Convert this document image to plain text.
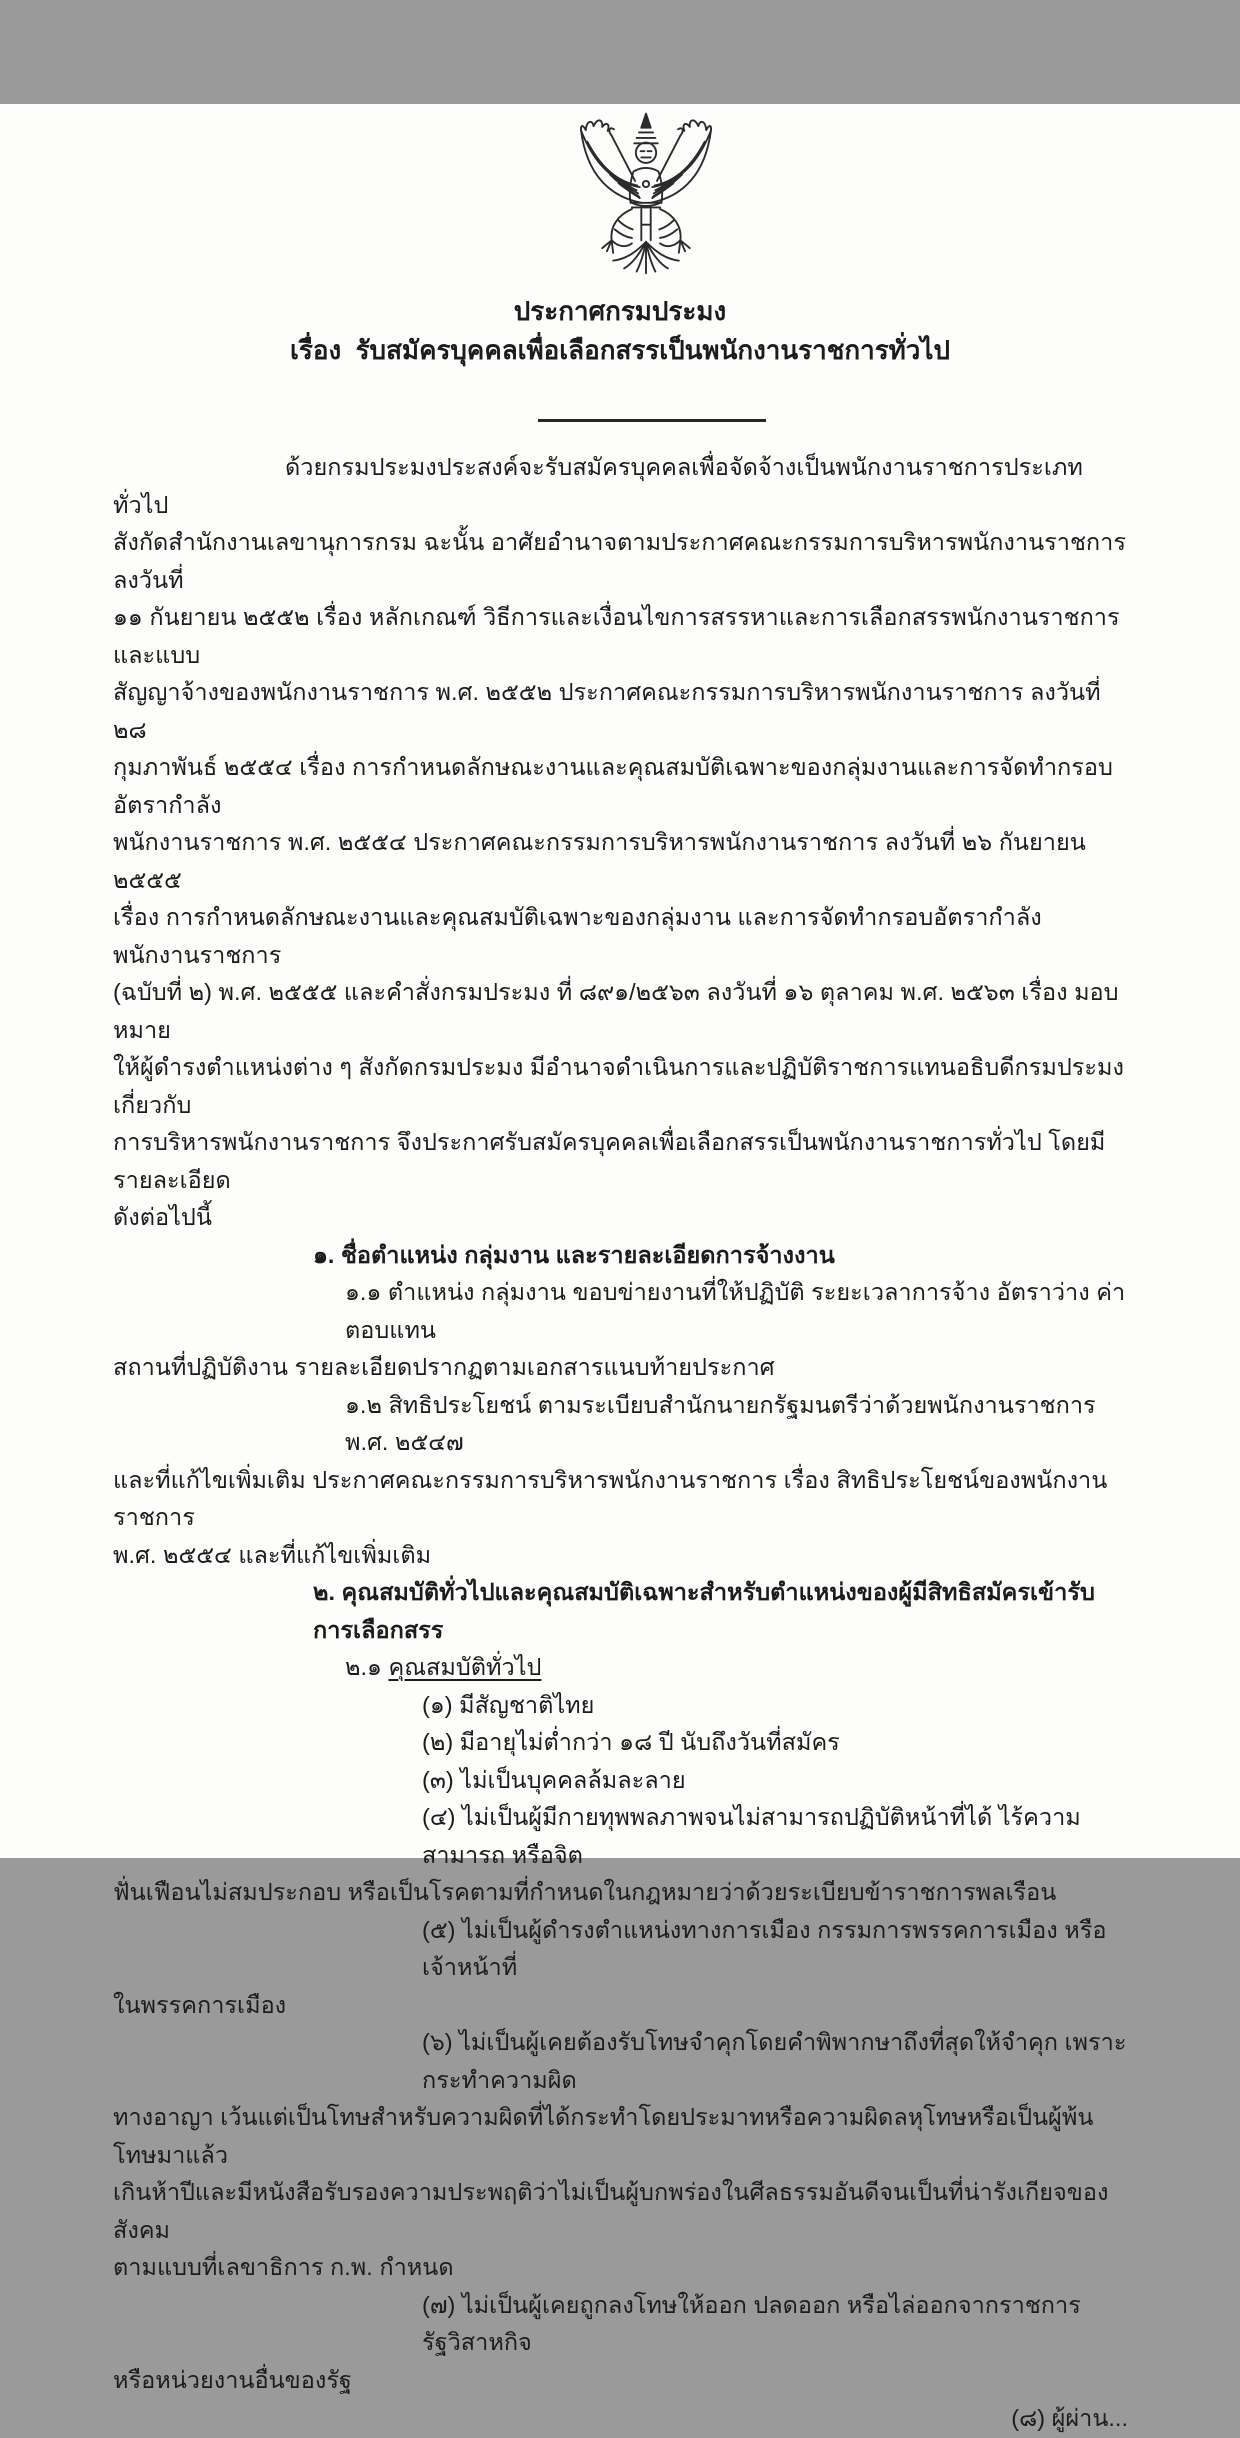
ประกาศกรมประมง
เรื่อง  รับสมัครบุคคลเพื่อเลือกสรรเป็นพนักงานราชการทั่วไป
ด้วยกรมประมงประสงค์จะรับสมัครบุคคลเพื่อจัดจ้างเป็นพนักงานราชการประเภททั่วไป
สังกัดสำนักงานเลขานุการกรม ฉะนั้น อาศัยอำนาจตามประกาศคณะกรรมการบริหารพนักงานราชการ ลงวันที่
๑๑ กันยายน ๒๕๕๒ เรื่อง หลักเกณฑ์ วิธีการและเงื่อนไขการสรรหาและการเลือกสรรพนักงานราชการ และแบบ
สัญญาจ้างของพนักงานราชการ พ.ศ. ๒๕๕๒ ประกาศคณะกรรมการบริหารพนักงานราชการ ลงวันที่ ๒๘
กุมภาพันธ์ ๒๕๕๔ เรื่อง การกำหนดลักษณะงานและคุณสมบัติเฉพาะของกลุ่มงานและการจัดทำกรอบอัตรากำลัง
พนักงานราชการ พ.ศ. ๒๕๕๔ ประกาศคณะกรรมการบริหารพนักงานราชการ ลงวันที่ ๒๖ กันยายน ๒๕๕๕
เรื่อง การกำหนดลักษณะงานและคุณสมบัติเฉพาะของกลุ่มงาน และการจัดทำกรอบอัตรากำลังพนักงานราชการ
(ฉบับที่ ๒) พ.ศ. ๒๕๕๕ และคำสั่งกรมประมง ที่ ๘๙๑/๒๕๖๓ ลงวันที่ ๑๖ ตุลาคม พ.ศ. ๒๕๖๓ เรื่อง มอบหมาย
ให้ผู้ดำรงตำแหน่งต่าง ๆ สังกัดกรมประมง มีอำนาจดำเนินการและปฏิบัติราชการแทนอธิบดีกรมประมงเกี่ยวกับ
การบริหารพนักงานราชการ จึงประกาศรับสมัครบุคคลเพื่อเลือกสรรเป็นพนักงานราชการทั่วไป โดยมีรายละเอียด
ดังต่อไปนี้
๑. ชื่อตำแหน่ง กลุ่มงาน และรายละเอียดการจ้างงาน
๑.๑ ตำแหน่ง กลุ่มงาน ขอบข่ายงานที่ให้ปฏิบัติ ระยะเวลาการจ้าง อัตราว่าง ค่าตอบแทน
สถานที่ปฏิบัติงาน รายละเอียดปรากฏตามเอกสารแนบท้ายประกาศ
๑.๒ สิทธิประโยชน์ ตามระเบียบสำนักนายกรัฐมนตรีว่าด้วยพนักงานราชการ พ.ศ. ๒๕๔๗
และที่แก้ไขเพิ่มเติม ประกาศคณะกรรมการบริหารพนักงานราชการ เรื่อง สิทธิประโยชน์ของพนักงานราชการ
พ.ศ. ๒๕๕๔ และที่แก้ไขเพิ่มเติม
๒. คุณสมบัติทั่วไปและคุณสมบัติเฉพาะสำหรับตำแหน่งของผู้มีสิทธิสมัครเข้ารับการเลือกสรร
๒.๑ คุณสมบัติทั่วไป
(๑) มีสัญชาติไทย
(๒) มีอายุไม่ต่ำกว่า ๑๘ ปี นับถึงวันที่สมัคร
(๓) ไม่เป็นบุคคลล้มละลาย
(๔) ไม่เป็นผู้มีกายทุพพลภาพจนไม่สามารถปฏิบัติหน้าที่ได้ ไร้ความสามารถ หรือจิต
ฟั่นเฟือนไม่สมประกอบ หรือเป็นโรคตามที่กำหนดในกฎหมายว่าด้วยระเบียบข้าราชการพลเรือน
(๕) ไม่เป็นผู้ดำรงตำแหน่งทางการเมือง กรรมการพรรคการเมือง หรือเจ้าหน้าที่
ในพรรคการเมือง
(๖) ไม่เป็นผู้เคยต้องรับโทษจำคุกโดยคำพิพากษาถึงที่สุดให้จำคุก เพราะกระทำความผิด
ทางอาญา เว้นแต่เป็นโทษสำหรับความผิดที่ได้กระทำโดยประมาทหรือความผิดลหุโทษหรือเป็นผู้พ้นโทษมาแล้ว
เกินห้าปีและมีหนังสือรับรองความประพฤติว่าไม่เป็นผู้บกพร่องในศีลธรรมอันดีจนเป็นที่น่ารังเกียจของสังคม
ตามแบบที่เลขาธิการ ก.พ. กำหนด
(๗) ไม่เป็นผู้เคยถูกลงโทษให้ออก ปลดออก หรือไล่ออกจากราชการ รัฐวิสาหกิจ
หรือหน่วยงานอื่นของรัฐ
(๘) ผู้ผ่าน...
